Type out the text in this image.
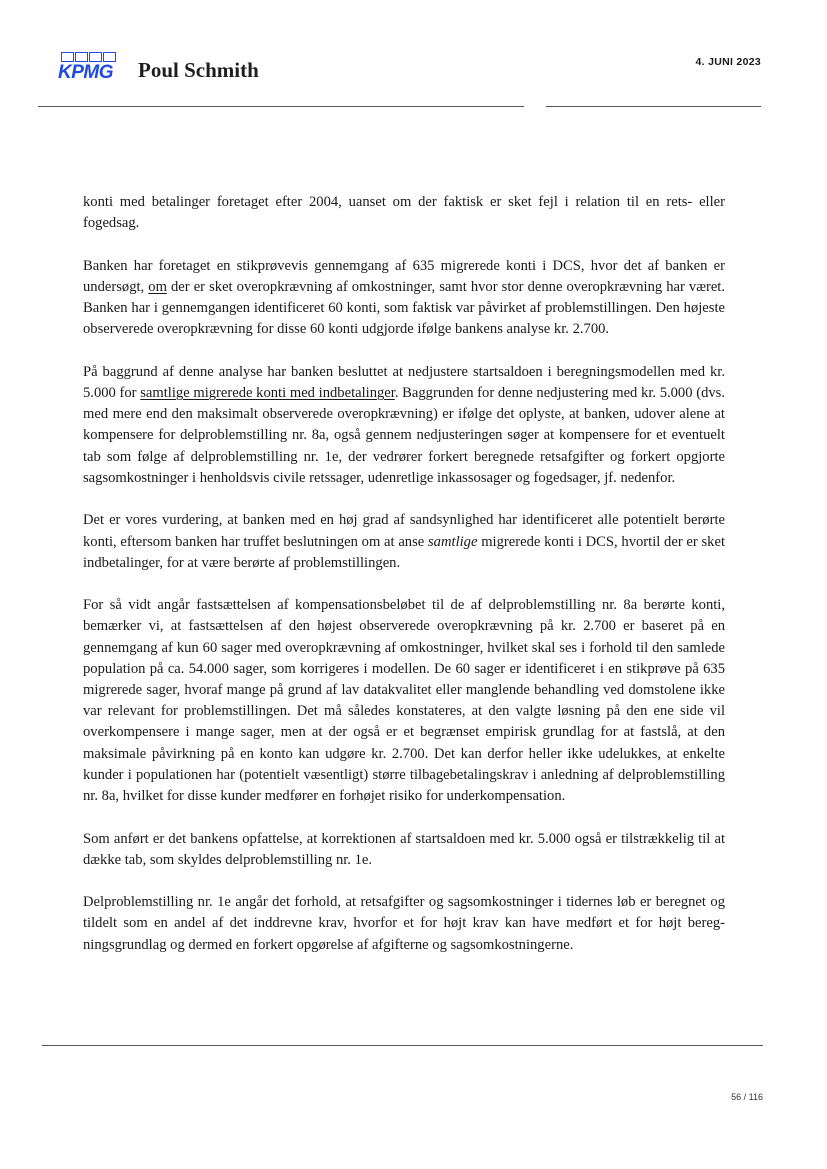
KPMG Poul Schmith	4. JUNI 2023

konti med betalinger foretaget efter 2004, uanset om der faktisk er sket fejl i relation til en rets- eller fogedsag.

Banken har foretaget en stikprøvevis gennemgang af 635 migrerede konti i DCS, hvor det af banken er undersøgt, om der er sket overopkrævning af omkostninger, samt hvor stor denne overopkrævning har været. Banken har i gennemgangen identificeret 60 konti, som faktisk var påvirket af problemstillingen. Den højeste observerede overopkrævning for disse 60 konti udgjorde ifølge bankens analyse kr. 2.700.

På baggrund af denne analyse har banken besluttet at nedjustere startsaldoen i beregningsmodellen med kr. 5.000 for samtlige migrerede konti med indbetalinger. Baggrunden for denne nedjustering med kr. 5.000 (dvs. med mere end den maksimalt observerede overopkrævning) er ifølge det oplyste, at banken, udover alene at kompensere for delproblemstilling nr. 8a, også gennem nedjusteringen søger at kompensere for et eventuelt tab som følge af delproblemstilling nr. 1e, der vedrører forkert beregnede retsafgifter og forkert opgjorte sagsomkostninger i henholdsvis civile retssager, udenretlige inkassosager og fogedsager, jf. nedenfor.

Det er vores vurdering, at banken med en høj grad af sandsynlighed har identificeret alle potentielt berørte konti, eftersom banken har truffet beslutningen om at anse samtlige migrerede konti i DCS, hvortil der er sket indbetalinger, for at være berørte af problemstillingen.

For så vidt angår fastsættelsen af kompensationsbeløbet til de af delproblemstilling nr. 8a berørte konti, bemærker vi, at fastsættelsen af den højest observerede overopkrævning på kr. 2.700 er baseret på en gennemgang af kun 60 sager med overopkrævning af omkostninger, hvilket skal ses i forhold til den samlede population på ca. 54.000 sager, som korrigeres i modellen. De 60 sager er identificeret i en stikprøve på 635 migrerede sager, hvoraf mange på grund af lav datakvalitet eller manglende behandling ved domstolene ikke var relevant for problemstillingen. Det må således konstateres, at den valgte løsning på den ene side vil overkompensere i mange sager, men at der også er et begrænset empirisk grundlag for at fastslå, at den maksimale påvirkning på en konto kan udgøre kr. 2.700. Det kan derfor heller ikke udelukkes, at enkelte kunder i populationen har (potentielt væsentligt) større tilbagebetalingskrav i anledning af delproblemstilling nr. 8a, hvilket for disse kunder medfører en forhøjet risiko for underkompensation.

Som anført er det bankens opfattelse, at korrektionen af startsaldoen med kr. 5.000 også er tilstrækkelig til at dække tab, som skyldes delproblemstilling nr. 1e.

Delproblemstilling nr. 1e angår det forhold, at retsafgifter og sagsomkostninger i tidernes løb er beregnet og tildelt som en andel af det inddrevne krav, hvorfor et for højt krav kan have medført et for højt beregningsgrundlag og dermed en forkert opgørelse af afgifterne og sagsomkostningerne.

56 / 116
